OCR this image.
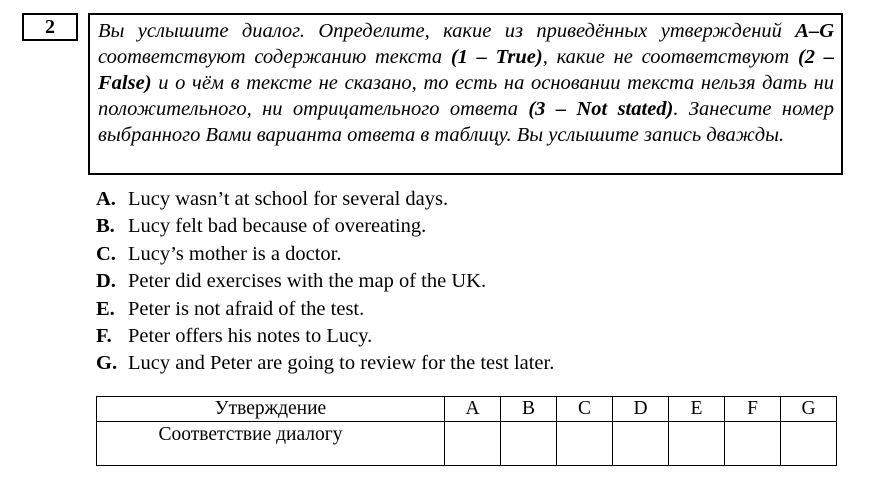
2	Вы услышите диалог. Определите, какие из приведённых утверждений A–G соответствуют содержанию текста (1 – True), какие не соответствуют (2 – False) и о чём в тексте не сказано, то есть на основании текста нельзя дать ни положительного, ни отрицательного ответа (3 – Not stated). Занесите номер выбранного Вами варианта ответа в таблицу. Вы услышите запись дважды.
A. Lucy wasn’t at school for several days.
B. Lucy felt bad because of overeating.
C. Lucy’s mother is a doctor.
D. Peter did exercises with the map of the UK.
E. Peter is not afraid of the test.
F. Peter offers his notes to Lucy.
G. Lucy and Peter are going to review for the test later.
Утверждение	A	B	C	D	E	F	G
Соответствие диалогу							
